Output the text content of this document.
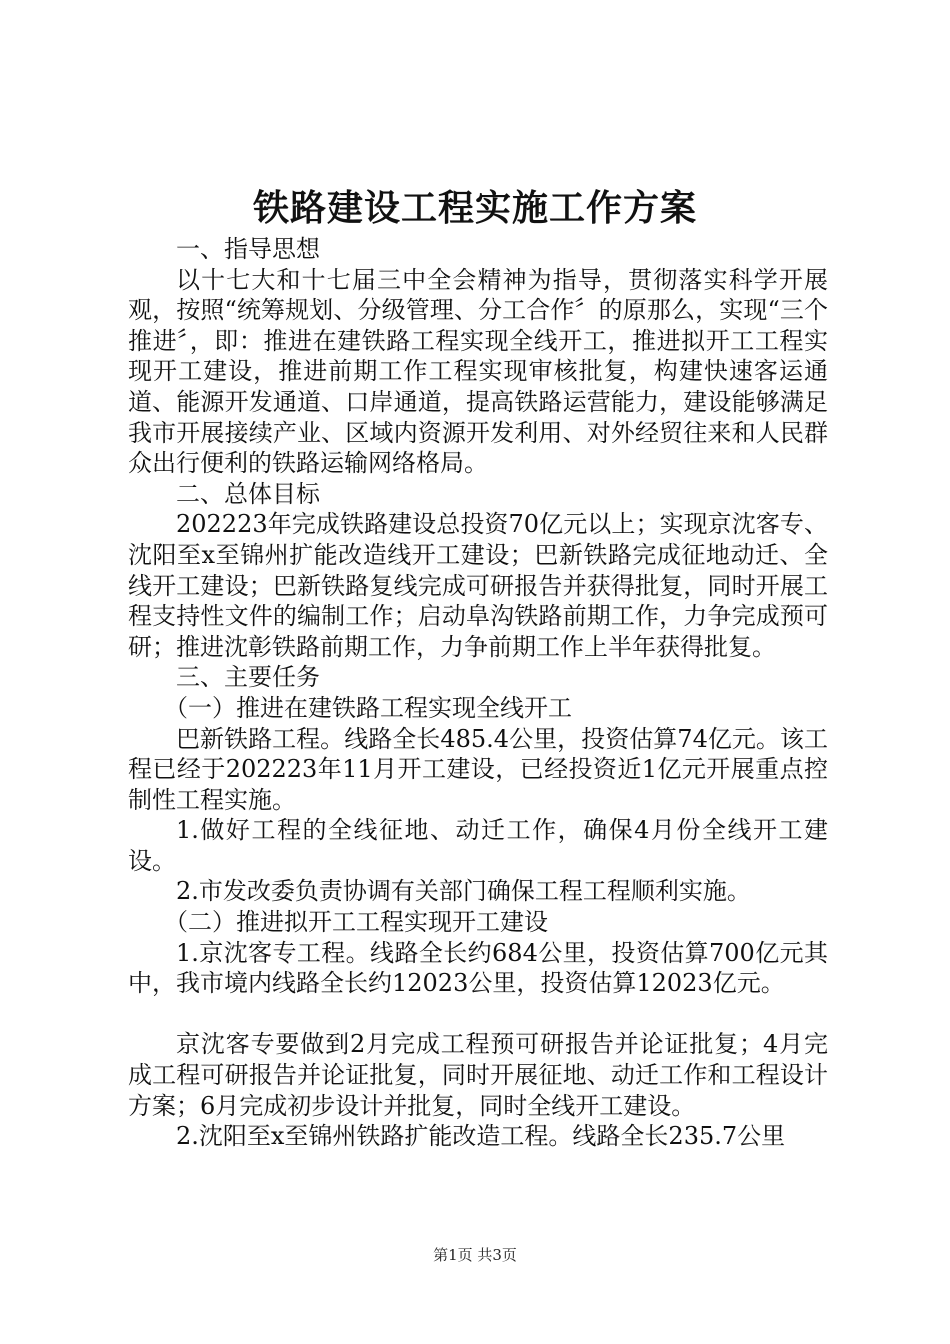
铁路建设工程实施工作方案

一、指导思想

以十七大和十七届三中全会精神为指导，贯彻落实科学开展观，按照“统筹规划、分级管理、分工合作〞的原那么，实现“三个推进〞，即：推进在建铁路工程实现全线开工，推进拟开工工程实现开工建设，推进前期工作工程实现审核批复，构建快速客运通道、能源开发通道、口岸通道，提高铁路运营能力，建设能够满足我市开展接续产业、区域内资源开发利用、对外经贸往来和人民群众出行便利的铁路运输网络格局。

二、总体目标

202223年完成铁路建设总投资70亿元以上；实现京沈客专、沈阳至x至锦州扩能改造线开工建设；巴新铁路完成征地动迁、全线开工建设；巴新铁路复线完成可研报告并获得批复，同时开展工程支持性文件的编制工作；启动阜沟铁路前期工作，力争完成预可研；推进沈彰铁路前期工作，力争前期工作上半年获得批复。

三、主要任务

（一）推进在建铁路工程实现全线开工

巴新铁路工程。线路全长485.4公里，投资估算74亿元。该工程已经于202223年11月开工建设，已经投资近1亿元开展重点控制性工程实施。

1.做好工程的全线征地、动迁工作，确保4月份全线开工建设。

2.市发改委负责协调有关部门确保工程工程顺利实施。

（二）推进拟开工工程实现开工建设

1.京沈客专工程。线路全长约684公里，投资估算700亿元其中，我市境内线路全长约12023公里，投资估算12023亿元。

京沈客专要做到2月完成工程预可研报告并论证批复；4月完成工程可研报告并论证批复，同时开展征地、动迁工作和工程设计方案；6月完成初步设计并批复，同时全线开工建设。

2.沈阳至x至锦州铁路扩能改造工程。线路全长235.7公里

第1页 共3页
